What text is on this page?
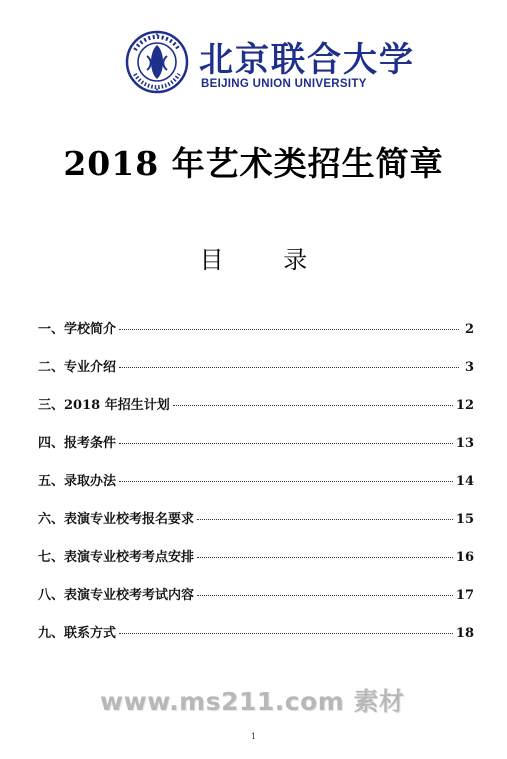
北京联合大学
BEIJING UNION UNIVERSITY
2018 年艺术类招生简章
目 录
一、学校简介	2
二、专业介绍	3
三、2018 年招生计划	12
四、报考条件	13
五、录取办法	14
六、表演专业校考报名要求	15
七、表演专业校考考点安排	16
八、表演专业校考考试内容	17
九、联系方式	18
www.ms211.com 素材
1
